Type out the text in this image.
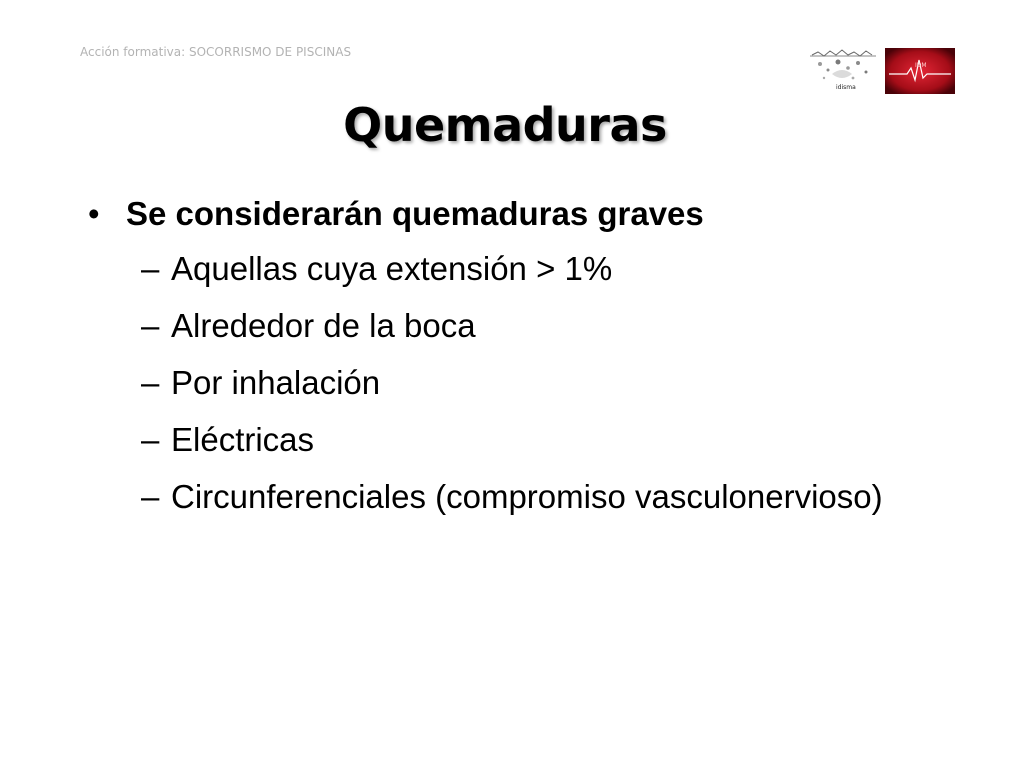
Acción formativa: SOCORRISMO DE PISCINAS
idisma
IDM
Quemaduras
• Se considerarán quemaduras graves
– Aquellas cuya extensión > 1%
– Alrededor de la boca
– Por inhalación
– Eléctricas
– Circunferenciales (compromiso vasculonervioso)
